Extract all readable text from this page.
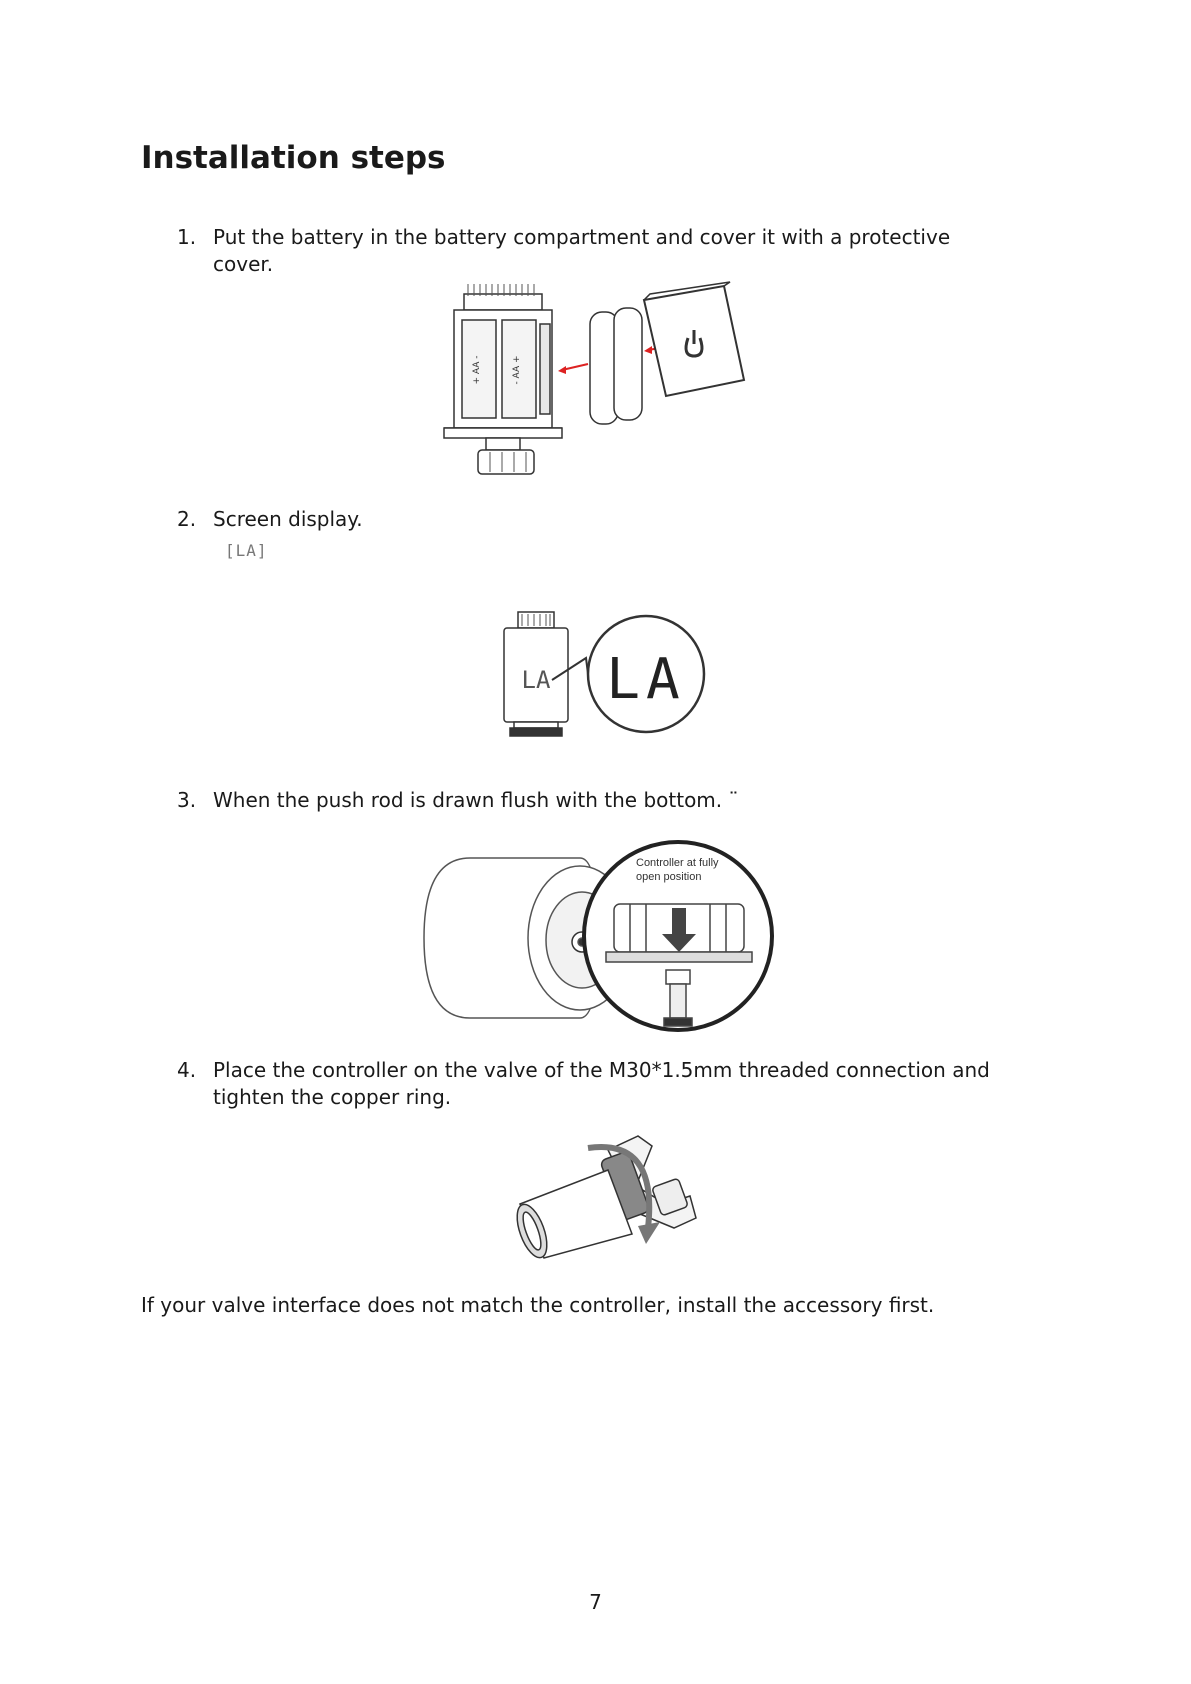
Installation steps
1. Put the battery in the battery compartment and cover it with a protective cover.
+ AA -	- AA +
2. Screen display.
[LA]
LA LA
3. When the push rod is drawn flush with the bottom. ¨
Controller at fully
open position
4. Place the controller on the valve of the M30*1.5mm threaded connection and tighten the copper ring.
If your valve interface does not match the controller, install the accessory first.
7
